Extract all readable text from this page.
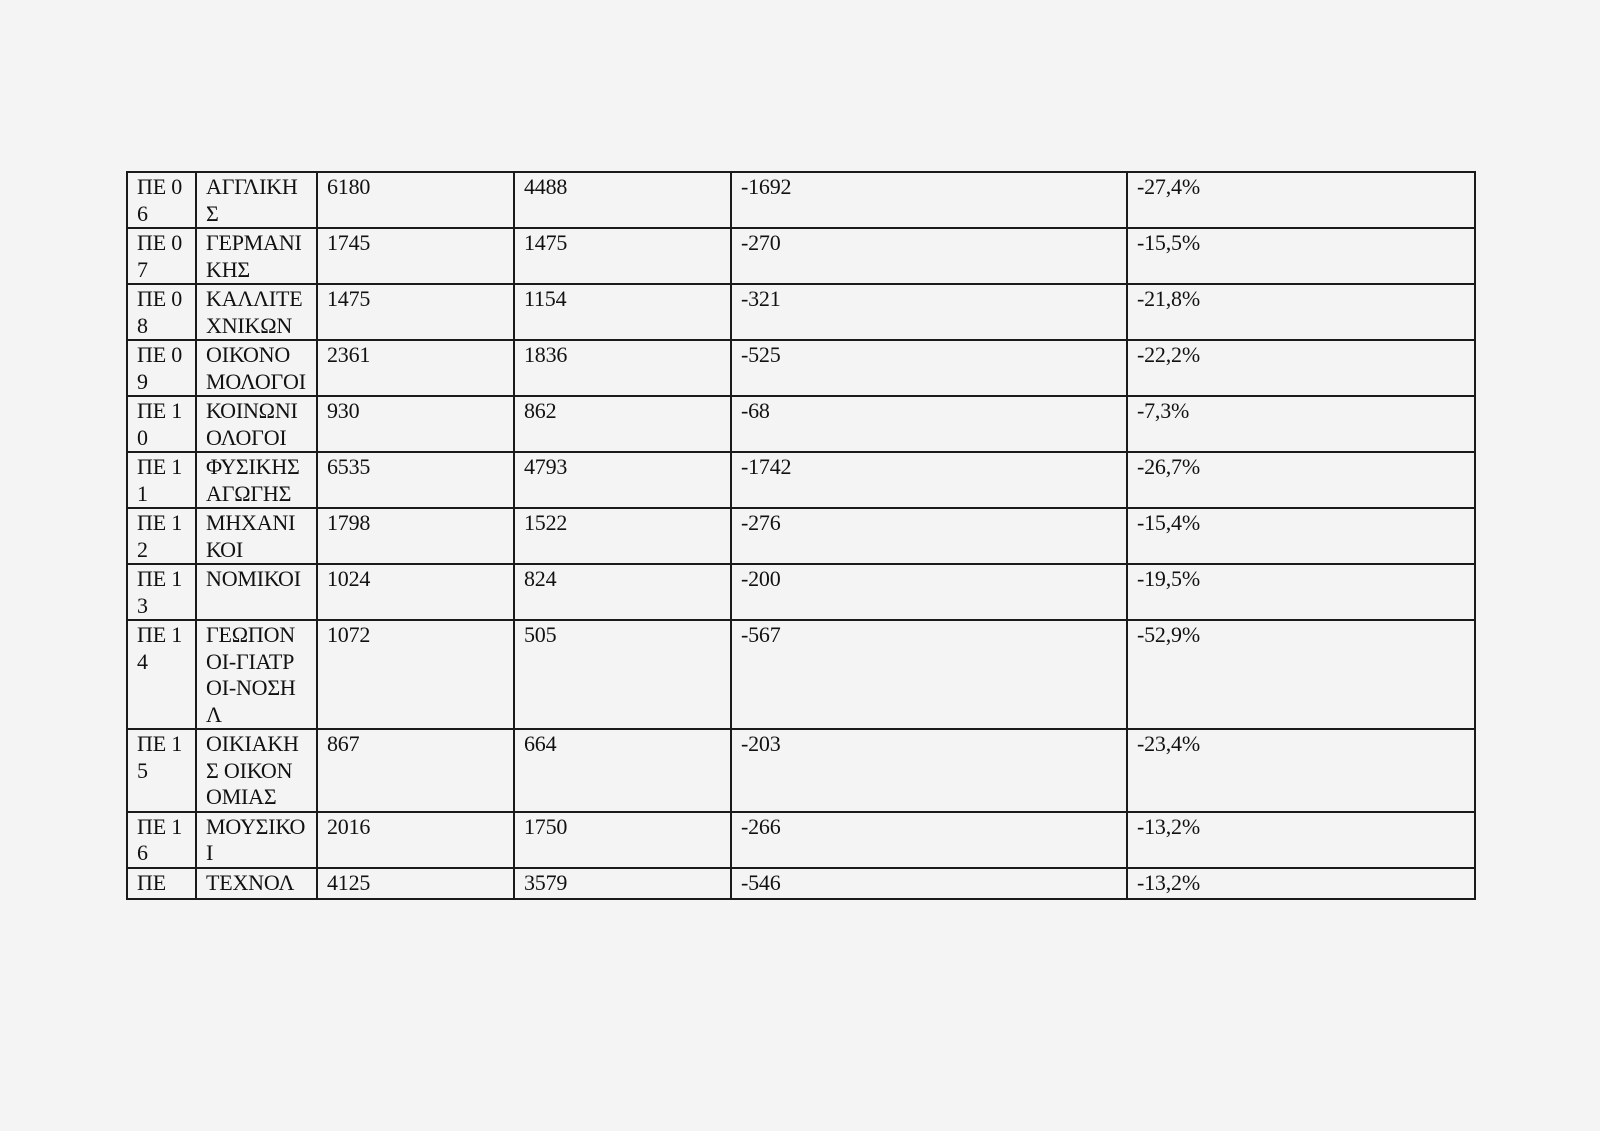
ΠΕ 06	ΑΓΓΛΙΚΗΣ	6180	4488	-1692	-27,4%
ΠΕ 07	ΓΕΡΜΑΝΙΚΗΣ	1745	1475	-270	-15,5%
ΠΕ 08	ΚΑΛΛΙΤΕΧΝΙΚΩΝ	1475	1154	-321	-21,8%
ΠΕ 09	ΟΙΚΟΝΟΜΟΛΟΓΟΙ	2361	1836	-525	-22,2%
ΠΕ 10	ΚΟΙΝΩΝΙΟΛΟΓΟΙ	930	862	-68	-7,3%
ΠΕ 11	ΦΥΣΙΚΗΣ ΑΓΩΓΗΣ	6535	4793	-1742	-26,7%
ΠΕ 12	ΜΗΧΑΝΙΚΟΙ	1798	1522	-276	-15,4%
ΠΕ 13	ΝΟΜΙΚΟΙ	1024	824	-200	-19,5%
ΠΕ 14	ΓΕΩΠΟΝΟΙ-ΓΙΑΤΡΟΙ-ΝΟΣΗΛ	1072	505	-567	-52,9%
ΠΕ 15	ΟΙΚΙΑΚΗΣ ΟΙΚΟΝΟΜΙΑΣ	867	664	-203	-23,4%
ΠΕ 16	ΜΟΥΣΙΚΟΙ	2016	1750	-266	-13,2%
ΠΕ	ΤΕΧΝΟΛ	4125	3579	-546	-13,2%
